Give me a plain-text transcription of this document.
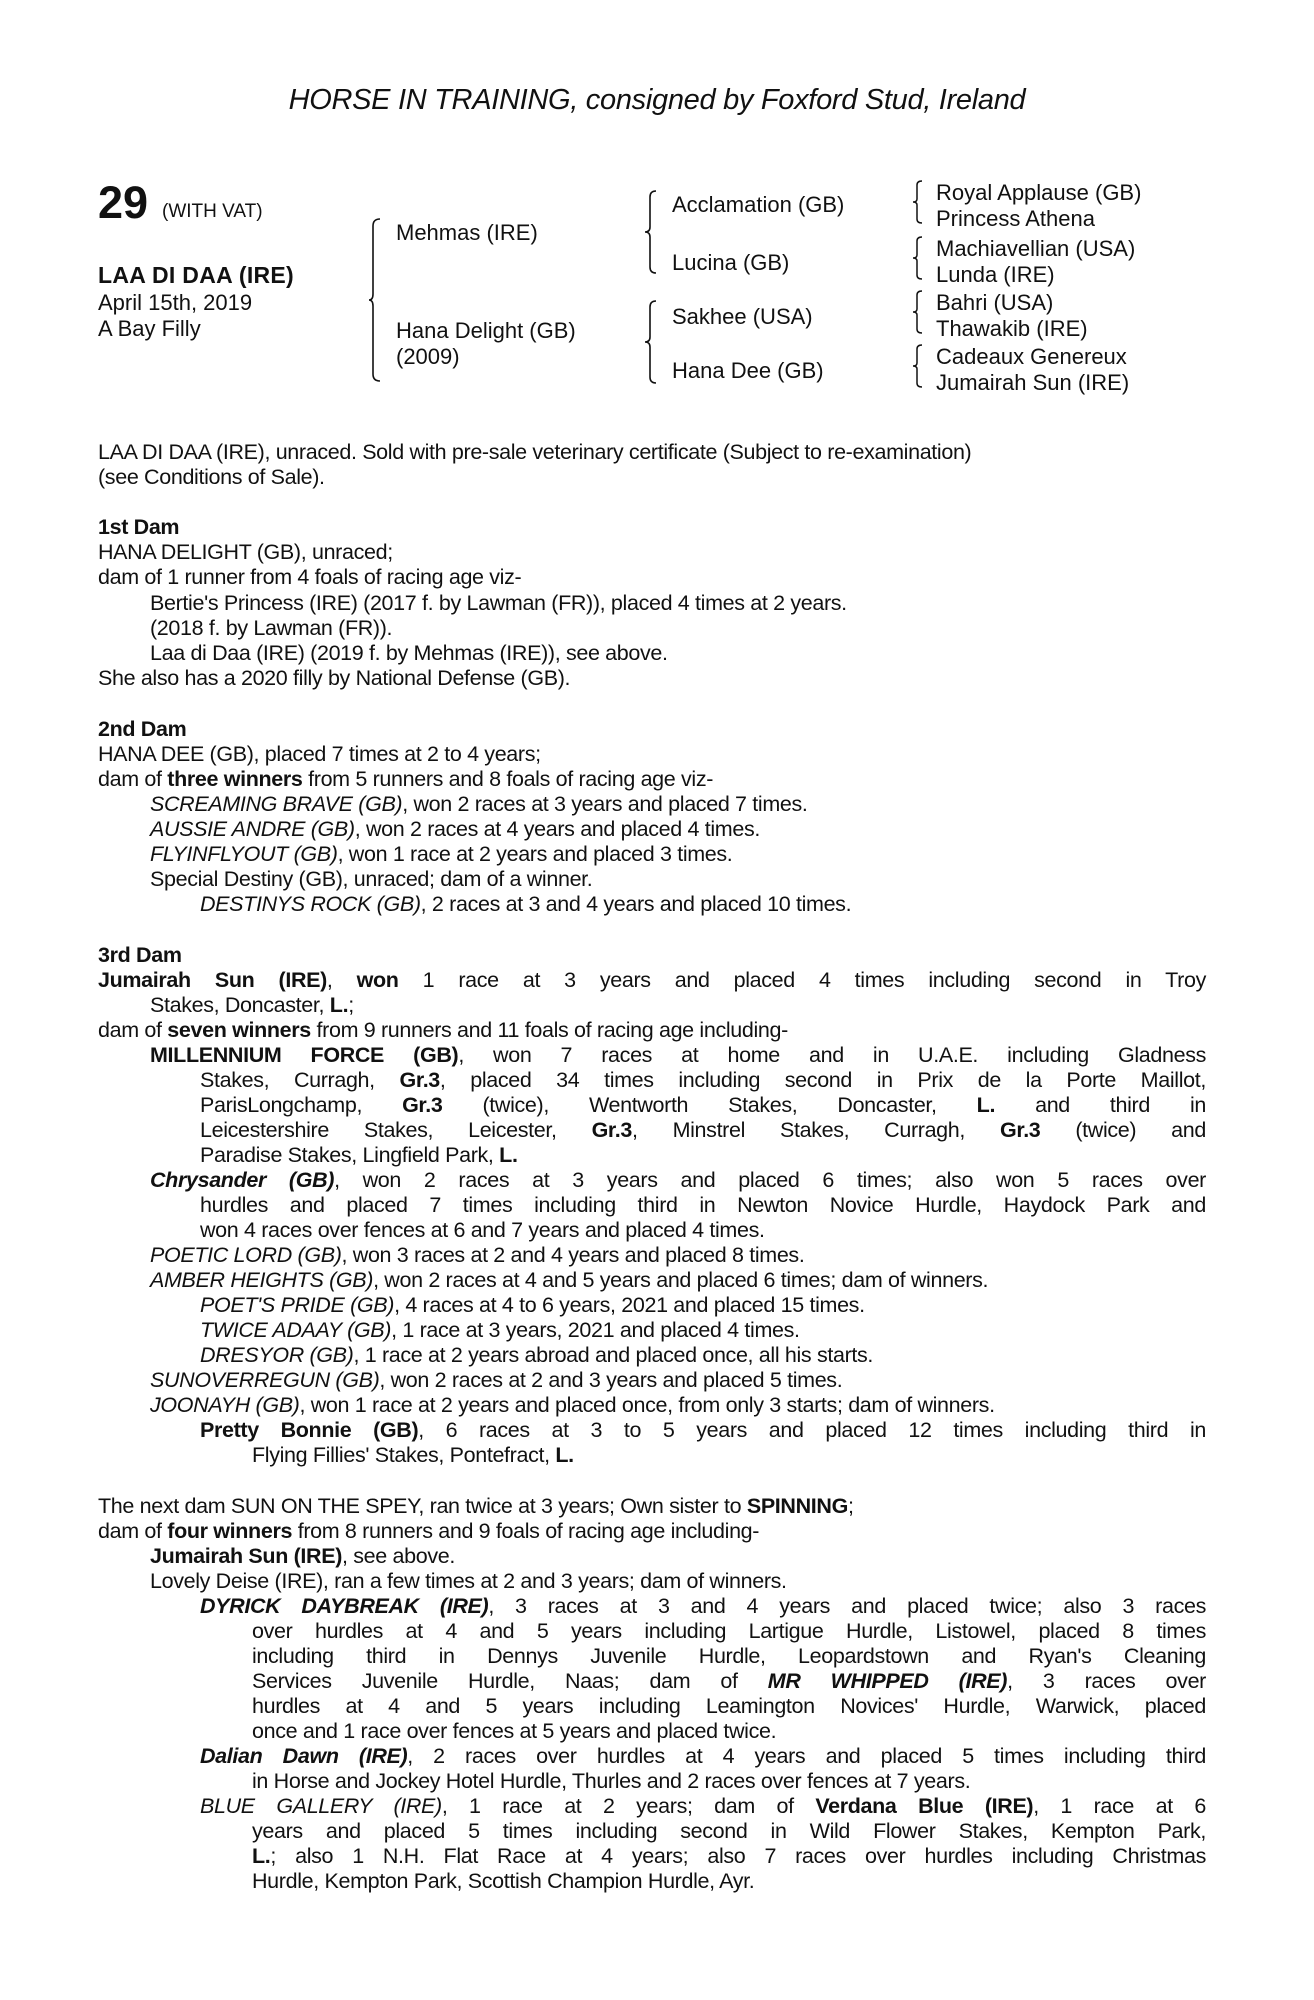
HORSE IN TRAINING, consigned by Foxford Stud, Ireland
29 (WITH VAT)
LAA DI DAA (IRE)
April 15th, 2019
A Bay Filly
Mehmas (IRE)
Hana Delight (GB)
(2009)
Acclamation (GB)
Lucina (GB)
Sakhee (USA)
Hana Dee (GB)
Royal Applause (GB)
Princess Athena
Machiavellian (USA)
Lunda (IRE)
Bahri (USA)
Thawakib (IRE)
Cadeaux Genereux
Jumairah Sun (IRE)
LAA DI DAA (IRE), unraced. Sold with pre-sale veterinary certificate (Subject to re-examination)
(see Conditions of Sale).
1st Dam
HANA DELIGHT (GB), unraced;
dam of 1 runner from 4 foals of racing age viz-
Bertie's Princess (IRE) (2017 f. by Lawman (FR)), placed 4 times at 2 years.
(2018 f. by Lawman (FR)).
Laa di Daa (IRE) (2019 f. by Mehmas (IRE)), see above.
She also has a 2020 filly by National Defense (GB).
2nd Dam
HANA DEE (GB), placed 7 times at 2 to 4 years;
dam of three winners from 5 runners and 8 foals of racing age viz-
SCREAMING BRAVE (GB), won 2 races at 3 years and placed 7 times.
AUSSIE ANDRE (GB), won 2 races at 4 years and placed 4 times.
FLYINFLYOUT (GB), won 1 race at 2 years and placed 3 times.
Special Destiny (GB), unraced; dam of a winner.
DESTINYS ROCK (GB), 2 races at 3 and 4 years and placed 10 times.
3rd Dam
Jumairah Sun (IRE), won 1 race at 3 years and placed 4 times including second in Troy
Stakes, Doncaster, L.;
dam of seven winners from 9 runners and 11 foals of racing age including-
MILLENNIUM FORCE (GB), won 7 races at home and in U.A.E. including Gladness
Stakes, Curragh, Gr.3, placed 34 times including second in Prix de la Porte Maillot,
ParisLongchamp, Gr.3 (twice), Wentworth Stakes, Doncaster, L. and third in
Leicestershire Stakes, Leicester, Gr.3, Minstrel Stakes, Curragh, Gr.3 (twice) and
Paradise Stakes, Lingfield Park, L.
Chrysander (GB), won 2 races at 3 years and placed 6 times; also won 5 races over
hurdles and placed 7 times including third in Newton Novice Hurdle, Haydock Park and
won 4 races over fences at 6 and 7 years and placed 4 times.
POETIC LORD (GB), won 3 races at 2 and 4 years and placed 8 times.
AMBER HEIGHTS (GB), won 2 races at 4 and 5 years and placed 6 times; dam of winners.
POET'S PRIDE (GB), 4 races at 4 to 6 years, 2021 and placed 15 times.
TWICE ADAAY (GB), 1 race at 3 years, 2021 and placed 4 times.
DRESYOR (GB), 1 race at 2 years abroad and placed once, all his starts.
SUNOVERREGUN (GB), won 2 races at 2 and 3 years and placed 5 times.
JOONAYH (GB), won 1 race at 2 years and placed once, from only 3 starts; dam of winners.
Pretty Bonnie (GB), 6 races at 3 to 5 years and placed 12 times including third in
Flying Fillies' Stakes, Pontefract, L.
The next dam SUN ON THE SPEY, ran twice at 3 years; Own sister to SPINNING;
dam of four winners from 8 runners and 9 foals of racing age including-
Jumairah Sun (IRE), see above.
Lovely Deise (IRE), ran a few times at 2 and 3 years; dam of winners.
DYRICK DAYBREAK (IRE), 3 races at 3 and 4 years and placed twice; also 3 races
over hurdles at 4 and 5 years including Lartigue Hurdle, Listowel, placed 8 times
including third in Dennys Juvenile Hurdle, Leopardstown and Ryan's Cleaning
Services Juvenile Hurdle, Naas; dam of MR WHIPPED (IRE), 3 races over
hurdles at 4 and 5 years including Leamington Novices' Hurdle, Warwick, placed
once and 1 race over fences at 5 years and placed twice.
Dalian Dawn (IRE), 2 races over hurdles at 4 years and placed 5 times including third
in Horse and Jockey Hotel Hurdle, Thurles and 2 races over fences at 7 years.
BLUE GALLERY (IRE), 1 race at 2 years; dam of Verdana Blue (IRE), 1 race at 6
years and placed 5 times including second in Wild Flower Stakes, Kempton Park,
L.; also 1 N.H. Flat Race at 4 years; also 7 races over hurdles including Christmas
Hurdle, Kempton Park, Scottish Champion Hurdle, Ayr.
